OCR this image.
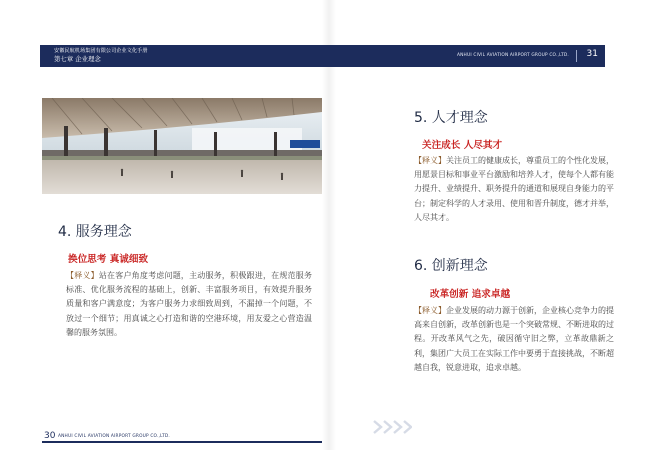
安徽民航机场集团有限公司企业文化手册
第七章 企业理念	ANHUI CIVIL AVIATION AIRPORT GROUP CO.,LTD. 31
4. 服务理念
换位思考 真诚细致
【释义】站在客户角度考虑问题，主动服务，积极跟进，在规范服务标准、优化服务流程的基础上，创新、丰富服务项目，有效提升服务质量和客户满意度；为客户服务力求细致周到，不漏掉一个问题，不放过一个细节；用真诚之心打造和谐的空港环境，用友爱之心营造温馨的服务氛围。
5. 人才理念
关注成长 人尽其才
【释义】关注员工的健康成长，尊重员工的个性化发展，用愿景目标和事业平台激励和培养人才，使每个人都有能力提升、业绩提升、职务提升的通道和展现自身能力的平台；制定科学的人才录用、使用和晋升制度，德才并举，人尽其才。
6. 创新理念
改革创新 追求卓越
【释义】企业发展的动力源于创新，企业核心竞争力的提高来自创新，改革创新也是一个突破常规、不断进取的过程。开改革风气之先，破因循守旧之弊，立革故鼎新之利，集团广大员工在实际工作中要勇于直接挑战，不断超越自我，锐意进取，追求卓越。
30 ANHUI CIVIL AVIATION AIRPORT GROUP CO.,LTD.
